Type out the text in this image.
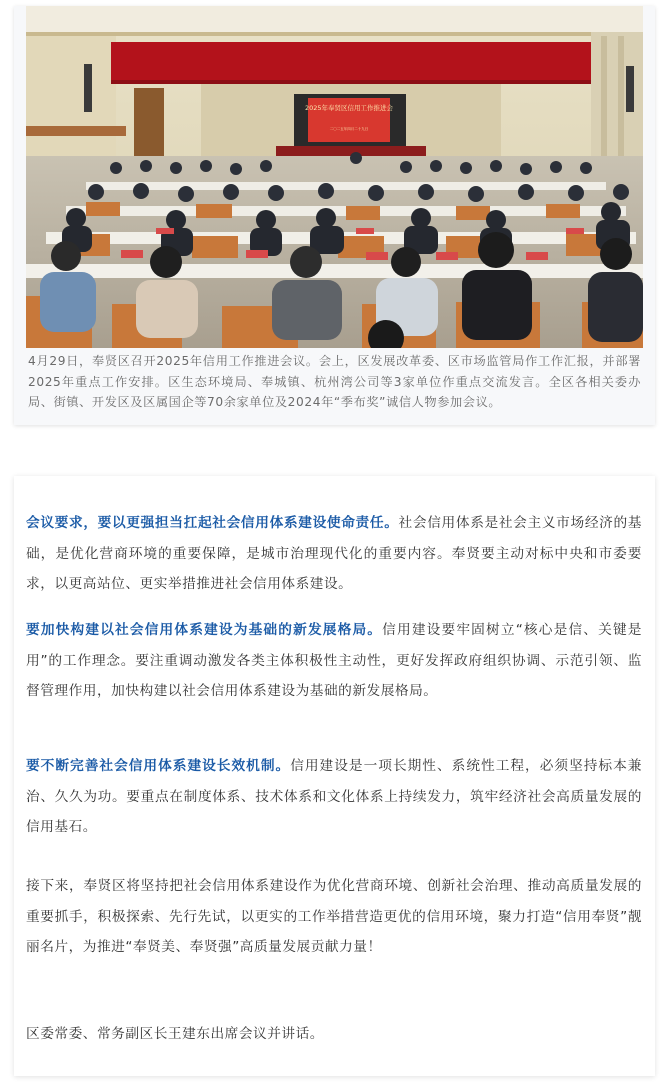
2025年奉贤区信用工作推进会
二〇二五年四月二十九日

4月29日，奉贤区召开2025年信用工作推进会议。会上，区发展改革委、区市场监管局作工作汇报，并部署2025年重点工作安排。区生态环境局、奉城镇、杭州湾公司等3家单位作重点交流发言。全区各相关委办局、街镇、开发区及区属国企等70余家单位及2024年“季布奖”诚信人物参加会议。

会议要求，要以更强担当扛起社会信用体系建设使命责任。社会信用体系是社会主义市场经济的基础，是优化营商环境的重要保障，是城市治理现代化的重要内容。奉贤要主动对标中央和市委要求，以更高站位、更实举措推进社会信用体系建设。

要加快构建以社会信用体系建设为基础的新发展格局。信用建设要牢固树立“核心是信、关键是用”的工作理念。要注重调动激发各类主体积极性主动性，更好发挥政府组织协调、示范引领、监督管理作用，加快构建以社会信用体系建设为基础的新发展格局。

要不断完善社会信用体系建设长效机制。信用建设是一项长期性、系统性工程，必须坚持标本兼治、久久为功。要重点在制度体系、技术体系和文化体系上持续发力，筑牢经济社会高质量发展的信用基石。

接下来，奉贤区将坚持把社会信用体系建设作为优化营商环境、创新社会治理、推动高质量发展的重要抓手，积极探索、先行先试，以更实的工作举措营造更优的信用环境，聚力打造“信用奉贤”靓丽名片，为推进“奉贤美、奉贤强”高质量发展贡献力量！

区委常委、常务副区长王建东出席会议并讲话。
